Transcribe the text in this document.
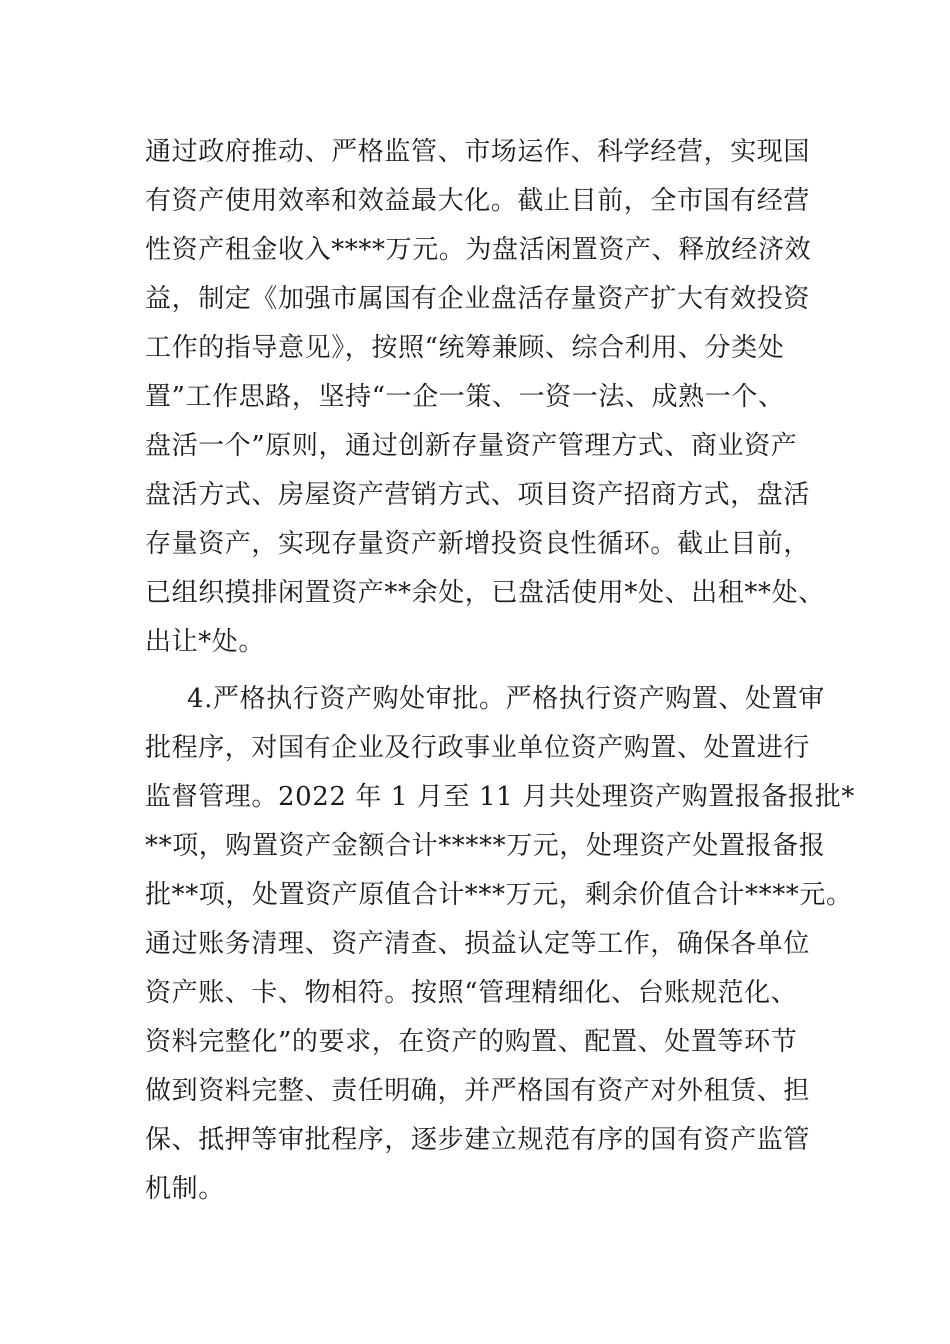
通过政府推动、严格监管、市场运作、科学经营，实现国
有资产使用效率和效益最大化。截止目前，全市国有经营
性资产租金收入****万元。为盘活闲置资产、释放经济效
益，制定《加强市属国有企业盘活存量资产扩大有效投资
工作的指导意见》，按照“统筹兼顾、综合利用、分类处
置”工作思路，坚持“一企一策、一资一法、成熟一个、
盘活一个”原则，通过创新存量资产管理方式、商业资产
盘活方式、房屋资产营销方式、项目资产招商方式，盘活
存量资产，实现存量资产新增投资良性循环。截止目前，
已组织摸排闲置资产**余处，已盘活使用*处、出租**处、
出让*处。
4.严格执行资产购处审批。严格执行资产购置、处置审
批程序，对国有企业及行政事业单位资产购置、处置进行
监督管理。2022 年 1 月至 11 月共处理资产购置报备报批*
**项，购置资产金额合计*****万元，处理资产处置报备报
批**项，处置资产原值合计***万元，剩余价值合计****元。
通过账务清理、资产清查、损益认定等工作，确保各单位
资产账、卡、物相符。按照“管理精细化、台账规范化、
资料完整化”的要求，在资产的购置、配置、处置等环节
做到资料完整、责任明确，并严格国有资产对外租赁、担
保、抵押等审批程序，逐步建立规范有序的国有资产监管
机制。
